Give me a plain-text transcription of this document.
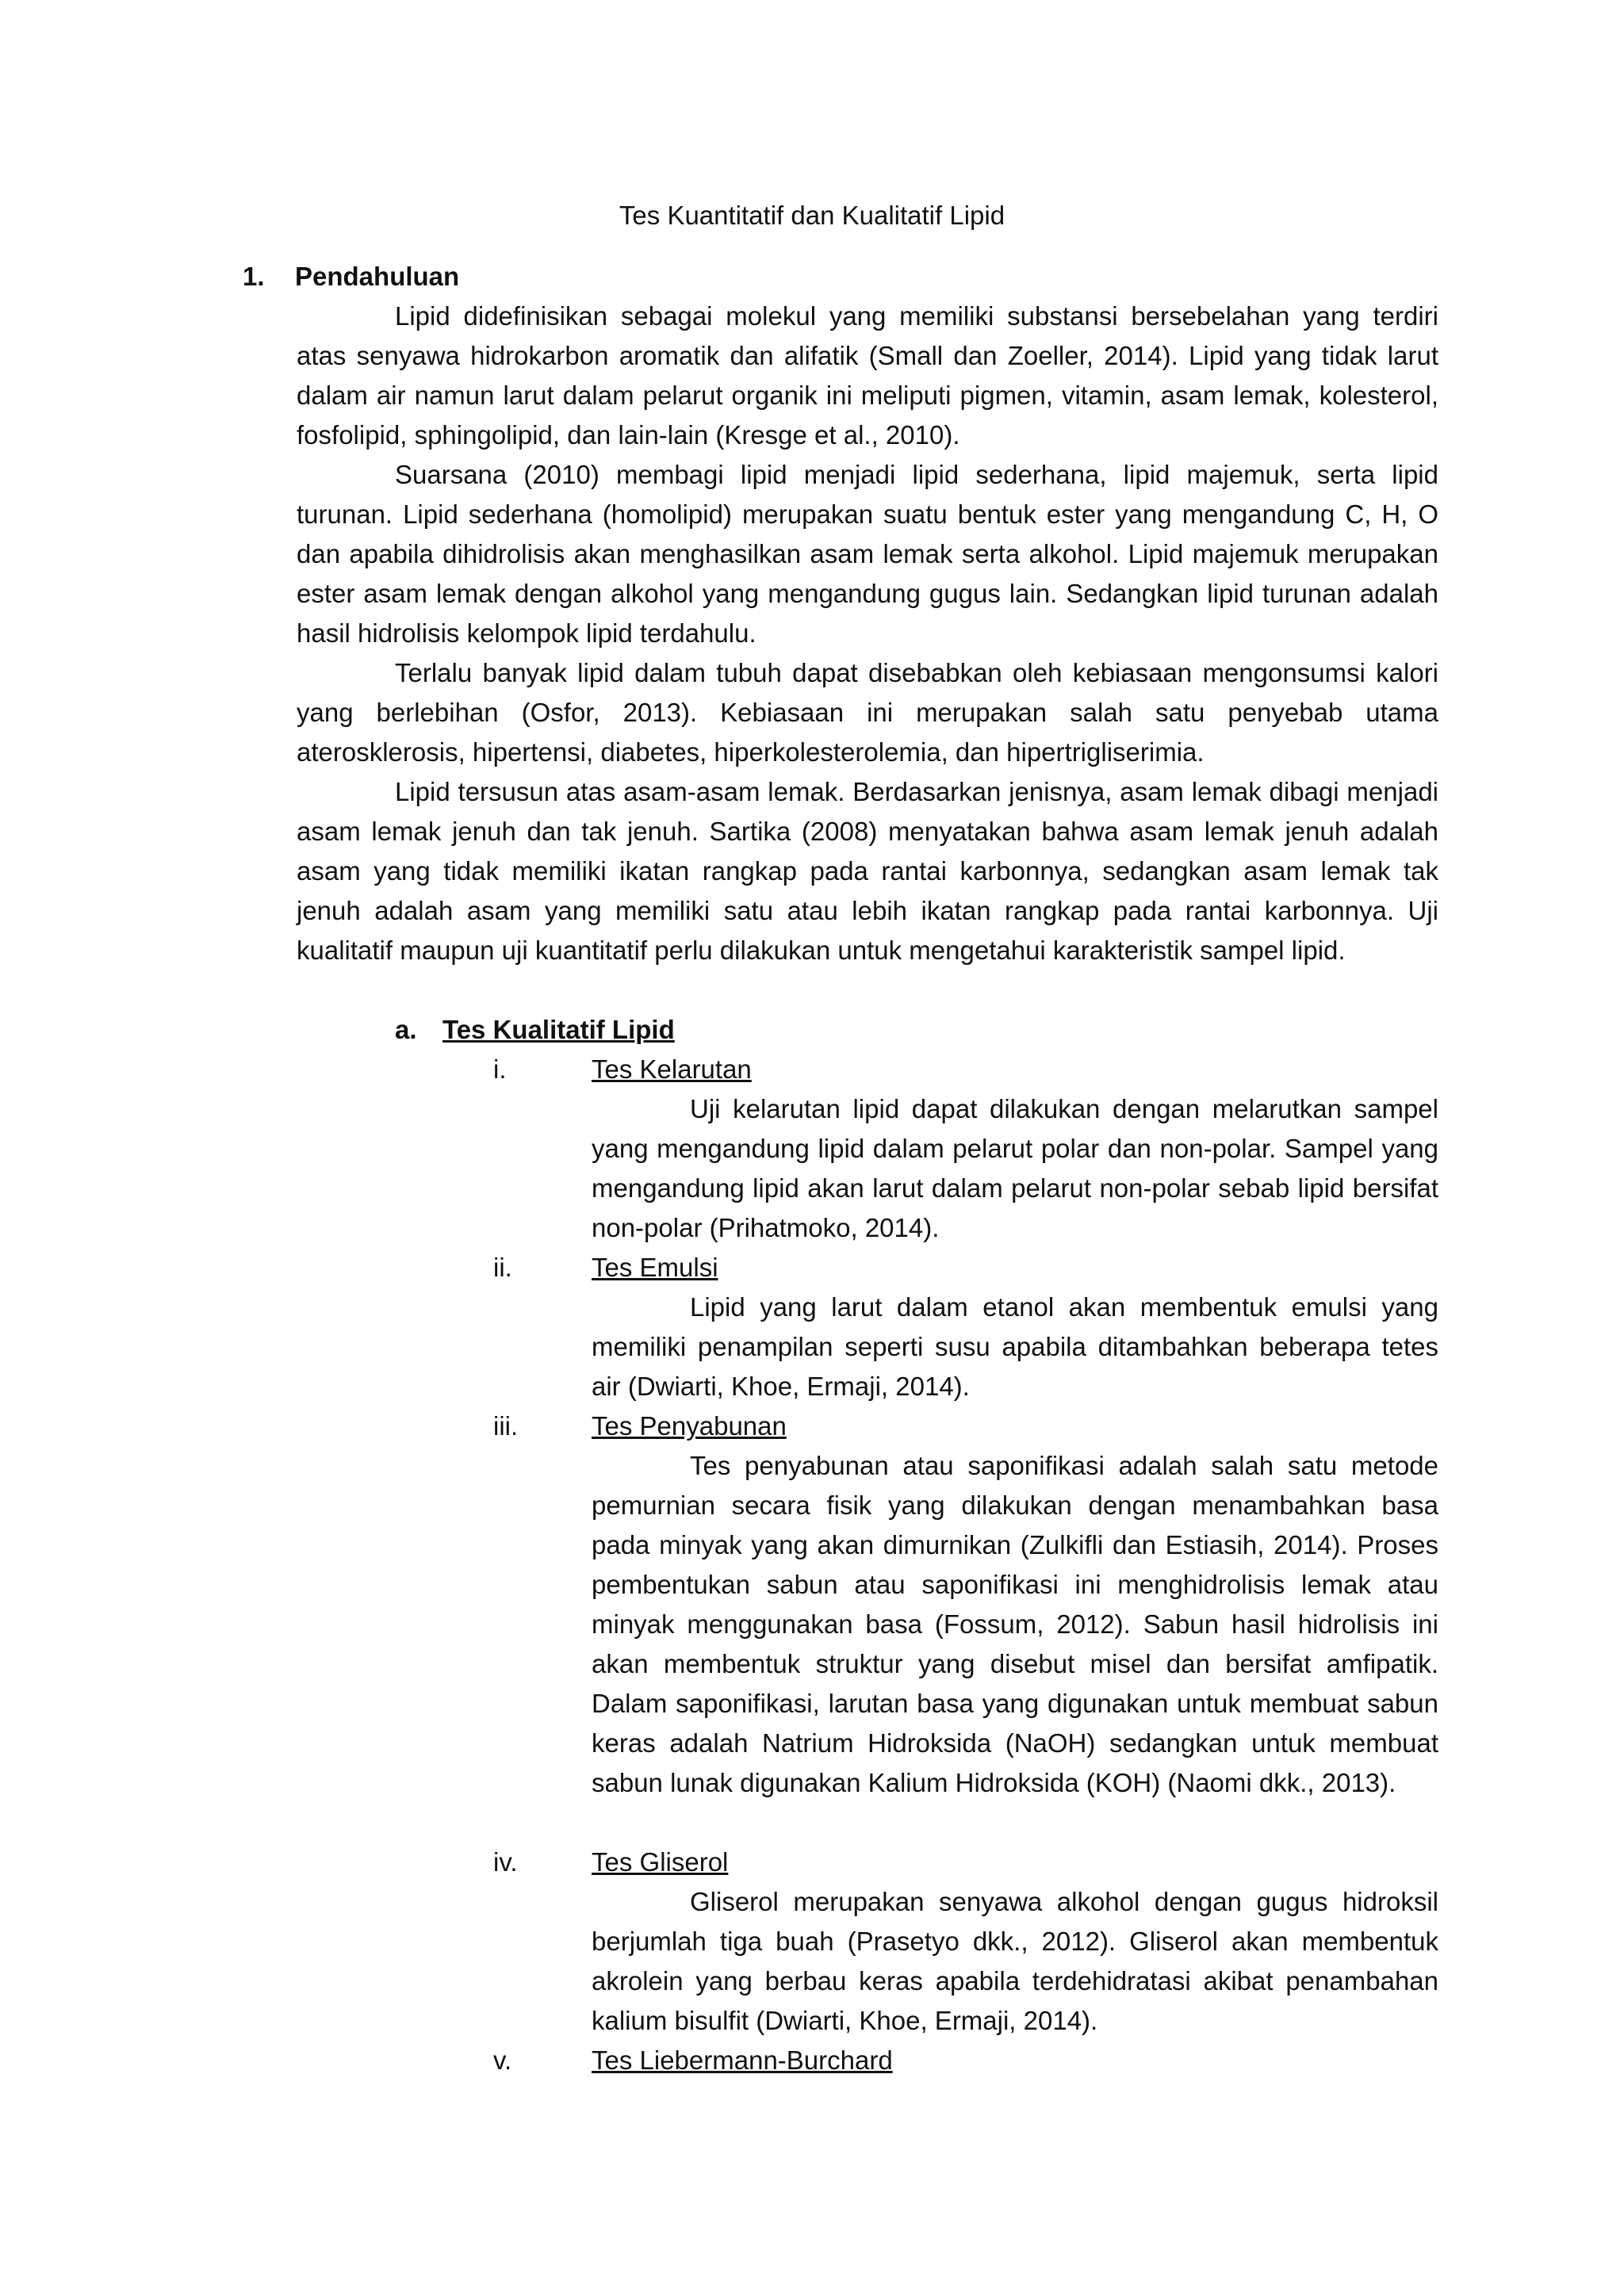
Tes Kuantitatif dan Kualitatif Lipid
1. Pendahuluan

Lipid didefinisikan sebagai molekul yang memiliki substansi bersebelahan yang terdiri atas senyawa hidrokarbon aromatik dan alifatik (Small dan Zoeller, 2014). Lipid yang tidak larut dalam air namun larut dalam pelarut organik ini meliputi pigmen, vitamin, asam lemak, kolesterol, fosfolipid, sphingolipid, dan lain-lain (Kresge et al., 2010).

Suarsana (2010) membagi lipid menjadi lipid sederhana, lipid majemuk, serta lipid turunan. Lipid sederhana (homolipid) merupakan suatu bentuk ester yang mengandung C, H, O dan apabila dihidrolisis akan menghasilkan asam lemak serta alkohol. Lipid majemuk merupakan ester asam lemak dengan alkohol yang mengandung gugus lain. Sedangkan lipid turunan adalah hasil hidrolisis kelompok lipid terdahulu.

Terlalu banyak lipid dalam tubuh dapat disebabkan oleh kebiasaan mengonsumsi kalori yang berlebihan (Osfor, 2013). Kebiasaan ini merupakan salah satu penyebab utama aterosklerosis, hipertensi, diabetes, hiperkolesterolemia, dan hipertrigliserimia.

Lipid tersusun atas asam-asam lemak. Berdasarkan jenisnya, asam lemak dibagi menjadi asam lemak jenuh dan tak jenuh. Sartika (2008) menyatakan bahwa asam lemak jenuh adalah asam yang tidak memiliki ikatan rangkap pada rantai karbonnya, sedangkan asam lemak tak jenuh adalah asam yang memiliki satu atau lebih ikatan rangkap pada rantai karbonnya. Uji kualitatif maupun uji kuantitatif perlu dilakukan untuk mengetahui karakteristik sampel lipid.

a. Tes Kualitatif Lipid
i.	Tes Kelarutan

Uji kelarutan lipid dapat dilakukan dengan melarutkan sampel yang mengandung lipid dalam pelarut polar dan non-polar. Sampel yang mengandung lipid akan larut dalam pelarut non-polar sebab lipid bersifat non-polar (Prihatmoko, 2014).

ii.	Tes Emulsi

Lipid yang larut dalam etanol akan membentuk emulsi yang memiliki penampilan seperti susu apabila ditambahkan beberapa tetes air (Dwiarti, Khoe, Ermaji, 2014).

iii.	Tes Penyabunan

Tes penyabunan atau saponifikasi adalah salah satu metode pemurnian secara fisik yang dilakukan dengan menambahkan basa pada minyak yang akan dimurnikan (Zulkifli dan Estiasih, 2014). Proses pembentukan sabun atau saponifikasi ini menghidrolisis lemak atau minyak menggunakan basa (Fossum, 2012). Sabun hasil hidrolisis ini akan membentuk struktur yang disebut misel dan bersifat amfipatik. Dalam saponifikasi, larutan basa yang digunakan untuk membuat sabun keras adalah Natrium Hidroksida (NaOH) sedangkan untuk membuat sabun lunak digunakan Kalium Hidroksida (KOH) (Naomi dkk., 2013).

iv.	Tes Gliserol

Gliserol merupakan senyawa alkohol dengan gugus hidroksil berjumlah tiga buah (Prasetyo dkk., 2012). Gliserol akan membentuk akrolein yang berbau keras apabila terdehidratasi akibat penambahan kalium bisulfit (Dwiarti, Khoe, Ermaji, 2014).

v.	Tes Liebermann-Burchard
